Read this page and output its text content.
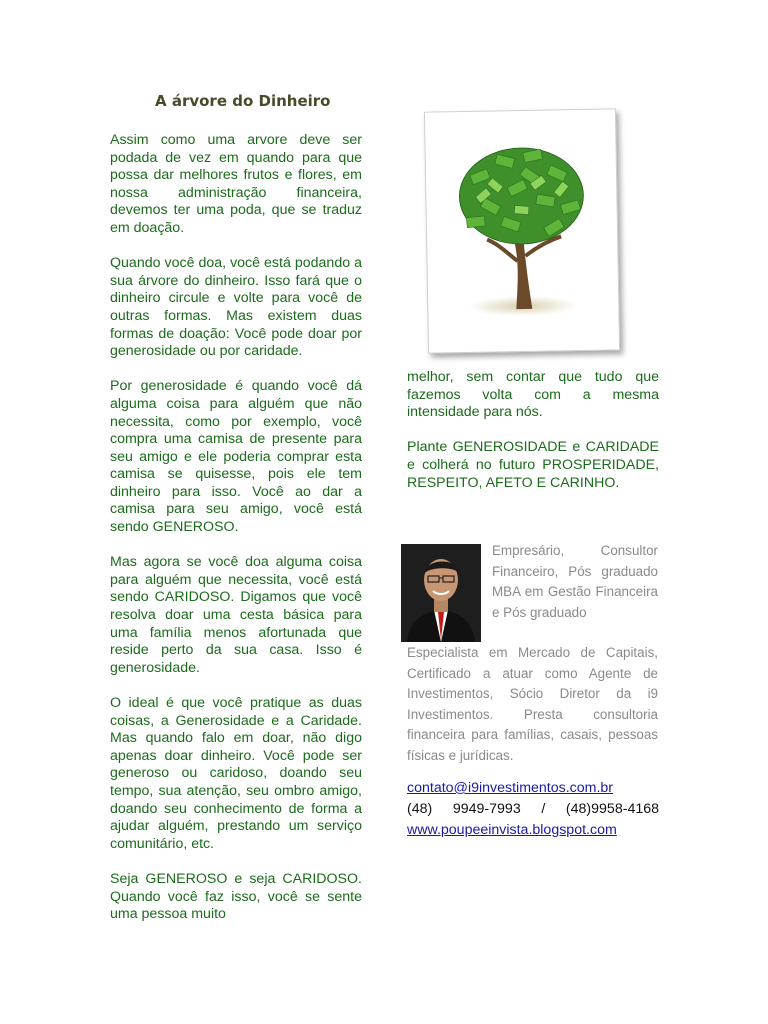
A árvore do Dinheiro

Assim como uma arvore deve ser podada de vez em quando para que possa dar melhores frutos e flores, em nossa administração financeira, devemos ter uma poda, que se traduz em doação.

Quando você doa, você está podando a sua árvore do dinheiro. Isso fará que o dinheiro circule e volte para você de outras formas. Mas existem duas formas de doação: Você pode doar por generosidade ou por caridade.

Por generosidade é quando você dá alguma coisa para alguém que não necessita, como por exemplo, você compra uma camisa de presente para seu amigo e ele poderia comprar esta camisa se quisesse, pois ele tem dinheiro para isso. Você ao dar a camisa para seu amigo, você está sendo GENEROSO.

Mas agora se você doa alguma coisa para alguém que necessita, você está sendo CARIDOSO. Digamos que você resolva doar uma cesta básica para uma família menos afortunada que reside perto da sua casa. Isso é generosidade.

O ideal é que você pratique as duas coisas, a Generosidade e a Caridade. Mas quando falo em doar, não digo apenas doar dinheiro. Você pode ser generoso ou caridoso, doando seu tempo, sua atenção, seu ombro amigo, doando seu conhecimento de forma a ajudar alguém, prestando um serviço comunitário, etc.

Seja GENEROSO e seja CARIDOSO. Quando você faz isso, você se sente uma pessoa muito

melhor, sem contar que tudo que fazemos volta com a mesma intensidade para nós.

Plante GENEROSIDADE e CARIDADE e colherá no futuro PROSPERIDADE, RESPEITO, AFETO E CARINHO.

Empresário, Consultor Financeiro, Pós graduado MBA em Gestão Financeira e Pós graduado
Especialista em Mercado de Capitais, Certificado a atuar como Agente de Investimentos, Sócio Diretor da i9 Investimentos. Presta consultoria financeira para famílias, casais, pessoas físicas e jurídicas.
contato@i9investimentos.com.br
(48) 9949-7993 / (48)9958-4168
www.poupeeinvista.blogspot.com
